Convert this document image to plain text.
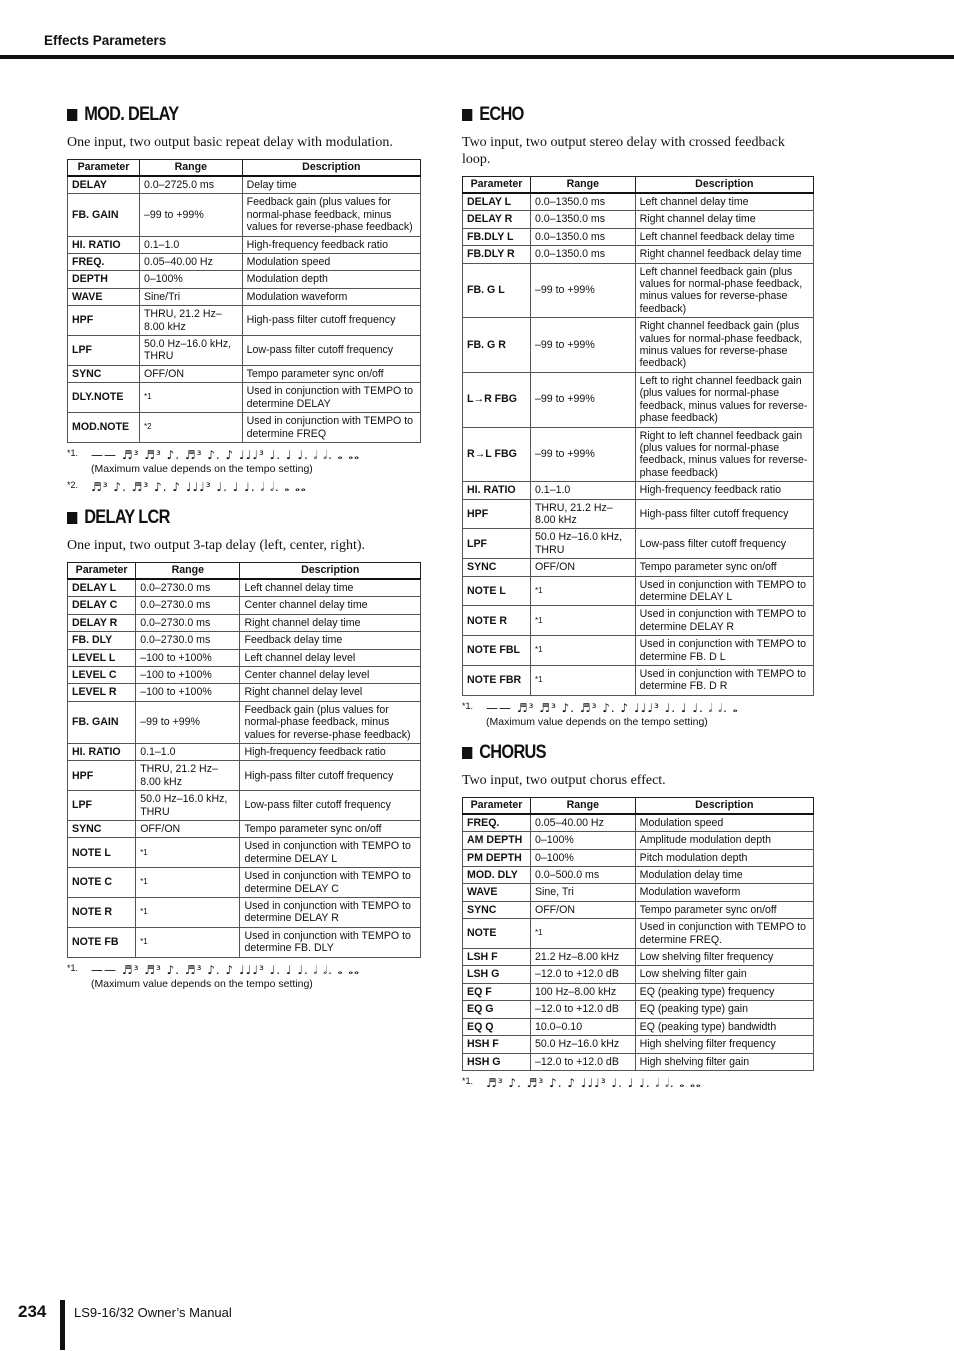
Effects Parameters
MOD. DELAY
One input, two output basic repeat delay with modulation.
Parameter	Range	Description
DELAY	0.0–2725.0 ms	Delay time
FB. GAIN	–99 to +99%	Feedback gain (plus values for normal-phase feedback, minus values for reverse-phase feedback)
HI. RATIO	0.1–1.0	High-frequency feedback ratio
FREQ.	0.05–40.00 Hz	Modulation speed
DEPTH	0–100%	Modulation depth
WAVE	Sine/Tri	Modulation waveform
HPF	THRU, 21.2 Hz–8.00 kHz	High-pass filter cutoff frequency
LPF	50.0 Hz–16.0 kHz, THRU	Low-pass filter cutoff frequency
SYNC	OFF/ON	Tempo parameter sync on/off
DLY.NOTE	*1	Used in conjunction with TEMPO to determine DELAY
MOD.NOTE	*2	Used in conjunction with TEMPO to determine FREQ
*1.	—— ♬³ ♬³ ♪. ♬³ ♪. ♪ ♩♩♩³ ♩. ♩ ♩. 𝅗𝅥 𝅗𝅥. 𝅝 𝅝𝅝
(Maximum value depends on the tempo setting)
*2.	♬³ ♪. ♬³ ♪. ♪ ♩♩♩³ ♩. ♩ ♩. 𝅗𝅥 𝅗𝅥. 𝅝 𝅝𝅝
DELAY LCR
One input, two output 3-tap delay (left, center, right).
Parameter	Range	Description
DELAY L	0.0–2730.0 ms	Left channel delay time
DELAY C	0.0–2730.0 ms	Center channel delay time
DELAY R	0.0–2730.0 ms	Right channel delay time
FB. DLY	0.0–2730.0 ms	Feedback delay time
LEVEL L	–100 to +100%	Left channel delay level
LEVEL C	–100 to +100%	Center channel delay level
LEVEL R	–100 to +100%	Right channel delay level
FB. GAIN	–99 to +99%	Feedback gain (plus values for normal-phase feedback, minus values for reverse-phase feedback)
HI. RATIO	0.1–1.0	High-frequency feedback ratio
HPF	THRU, 21.2 Hz–8.00 kHz	High-pass filter cutoff frequency
LPF	50.0 Hz–16.0 kHz, THRU	Low-pass filter cutoff frequency
SYNC	OFF/ON	Tempo parameter sync on/off
NOTE L	*1	Used in conjunction with TEMPO to determine DELAY L
NOTE C	*1	Used in conjunction with TEMPO to determine DELAY C
NOTE R	*1	Used in conjunction with TEMPO to determine DELAY R
NOTE FB	*1	Used in conjunction with TEMPO to determine FB. DLY
*1.	—— ♬³ ♬³ ♪. ♬³ ♪. ♪ ♩♩♩³ ♩. ♩ ♩. 𝅗𝅥 𝅗𝅥. 𝅝 𝅝𝅝
(Maximum value depends on the tempo setting)
ECHO
Two input, two output stereo delay with crossed feedback loop.
Parameter	Range	Description
DELAY L	0.0–1350.0 ms	Left channel delay time
DELAY R	0.0–1350.0 ms	Right channel delay time
FB.DLY L	0.0–1350.0 ms	Left channel feedback delay time
FB.DLY R	0.0–1350.0 ms	Right channel feedback delay time
FB. G L	–99 to +99%	Left channel feedback gain (plus values for normal-phase feedback, minus values for reverse-phase feedback)
FB. G R	–99 to +99%	Right channel feedback gain (plus values for normal-phase feedback, minus values for reverse-phase feedback)
L→R FBG	–99 to +99%	Left to right channel feedback gain (plus values for normal-phase feedback, minus values for reverse-phase feedback)
R→L FBG	–99 to +99%	Right to left channel feedback gain (plus values for normal-phase feedback, minus values for reverse-phase feedback)
HI. RATIO	0.1–1.0	High-frequency feedback ratio
HPF	THRU, 21.2 Hz–8.00 kHz	High-pass filter cutoff frequency
LPF	50.0 Hz–16.0 kHz, THRU	Low-pass filter cutoff frequency
SYNC	OFF/ON	Tempo parameter sync on/off
NOTE L	*1	Used in conjunction with TEMPO to determine DELAY L
NOTE R	*1	Used in conjunction with TEMPO to determine DELAY R
NOTE FBL	*1	Used in conjunction with TEMPO to determine FB. D L
NOTE FBR	*1	Used in conjunction with TEMPO to determine FB. D R
*1.	—— ♬³ ♬³ ♪. ♬³ ♪. ♪ ♩♩♩³ ♩. ♩ ♩. 𝅗𝅥 𝅗𝅥. 𝅝
(Maximum value depends on the tempo setting)
CHORUS
Two input, two output chorus effect.
Parameter	Range	Description
FREQ.	0.05–40.00 Hz	Modulation speed
AM DEPTH	0–100%	Amplitude modulation depth
PM DEPTH	0–100%	Pitch modulation depth
MOD. DLY	0.0–500.0 ms	Modulation delay time
WAVE	Sine, Tri	Modulation waveform
SYNC	OFF/ON	Tempo parameter sync on/off
NOTE	*1	Used in conjunction with TEMPO to determine FREQ.
LSH F	21.2 Hz–8.00 kHz	Low shelving filter frequency
LSH G	–12.0 to +12.0 dB	Low shelving filter gain
EQ F	100 Hz–8.00 kHz	EQ (peaking type) frequency
EQ G	–12.0 to +12.0 dB	EQ (peaking type) gain
EQ Q	10.0–0.10	EQ (peaking type) bandwidth
HSH F	50.0 Hz–16.0 kHz	High shelving filter frequency
HSH G	–12.0 to +12.0 dB	High shelving filter gain
*1.	♬³ ♪. ♬³ ♪. ♪ ♩♩♩³ ♩. ♩ ♩. 𝅗𝅥 𝅗𝅥. 𝅝 𝅝𝅝
234 LS9-16/32 Owner’s Manual
